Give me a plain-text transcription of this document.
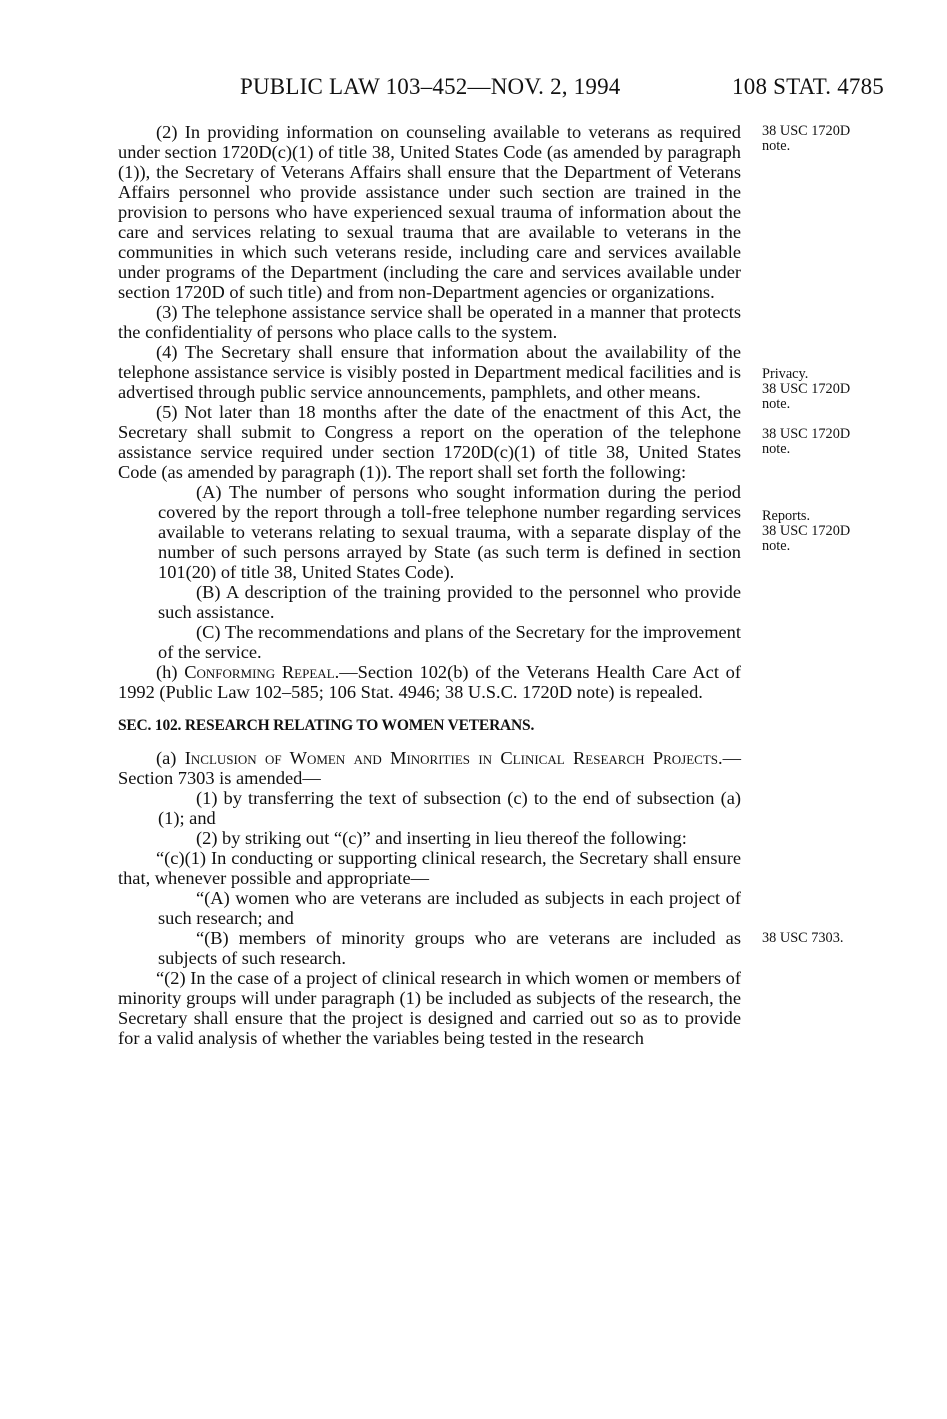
PUBLIC LAW 103–452—NOV. 2, 1994	108 STAT. 4785

(2) In providing information on counseling available to veterans as required under section 1720D(c)(1) of title 38, United States Code (as amended by paragraph (1)), the Secretary of Veterans Affairs shall ensure that the Department of Veterans Affairs personnel who provide assistance under such section are trained in the provision to persons who have experienced sexual trauma of information about the care and services relating to sexual trauma that are available to veterans in the communities in which such veterans reside, including care and services available under programs of the Department (including the care and services available under section 1720D of such title) and from non-Department agencies or organizations.

(3) The telephone assistance service shall be operated in a manner that protects the confidentiality of persons who place calls to the system.

(4) The Secretary shall ensure that information about the availability of the telephone assistance service is visibly posted in Department medical facilities and is advertised through public service announcements, pamphlets, and other means.

(5) Not later than 18 months after the date of the enactment of this Act, the Secretary shall submit to Congress a report on the operation of the telephone assistance service required under section 1720D(c)(1) of title 38, United States Code (as amended by paragraph (1)). The report shall set forth the following:

(A) The number of persons who sought information during the period covered by the report through a toll-free telephone number regarding services available to veterans relating to sexual trauma, with a separate display of the number of such persons arrayed by State (as such term is defined in section 101(20) of title 38, United States Code).

(B) A description of the training provided to the personnel who provide such assistance.

(C) The recommendations and plans of the Secretary for the improvement of the service.

(h) Conforming Repeal.—Section 102(b) of the Veterans Health Care Act of 1992 (Public Law 102–585; 106 Stat. 4946; 38 U.S.C. 1720D note) is repealed.

SEC. 102. RESEARCH RELATING TO WOMEN VETERANS.

(a) Inclusion of Women and Minorities in Clinical Research Projects.—Section 7303 is amended—

(1) by transferring the text of subsection (c) to the end of subsection (a)(1); and

(2) by striking out “(c)” and inserting in lieu thereof the following:

“(c)(1) In conducting or supporting clinical research, the Secretary shall ensure that, whenever possible and appropriate—

“(A) women who are veterans are included as subjects in each project of such research; and

“(B) members of minority groups who are veterans are included as subjects of such research.

“(2) In the case of a project of clinical research in which women or members of minority groups will under paragraph (1) be included as subjects of the research, the Secretary shall ensure that the project is designed and carried out so as to provide for a valid analysis of whether the variables being tested in the research

38 USC 1720D
note.
Privacy.
38 USC 1720D
note.
38 USC 1720D
note.
Reports.
38 USC 1720D
note.
38 USC 7303.
